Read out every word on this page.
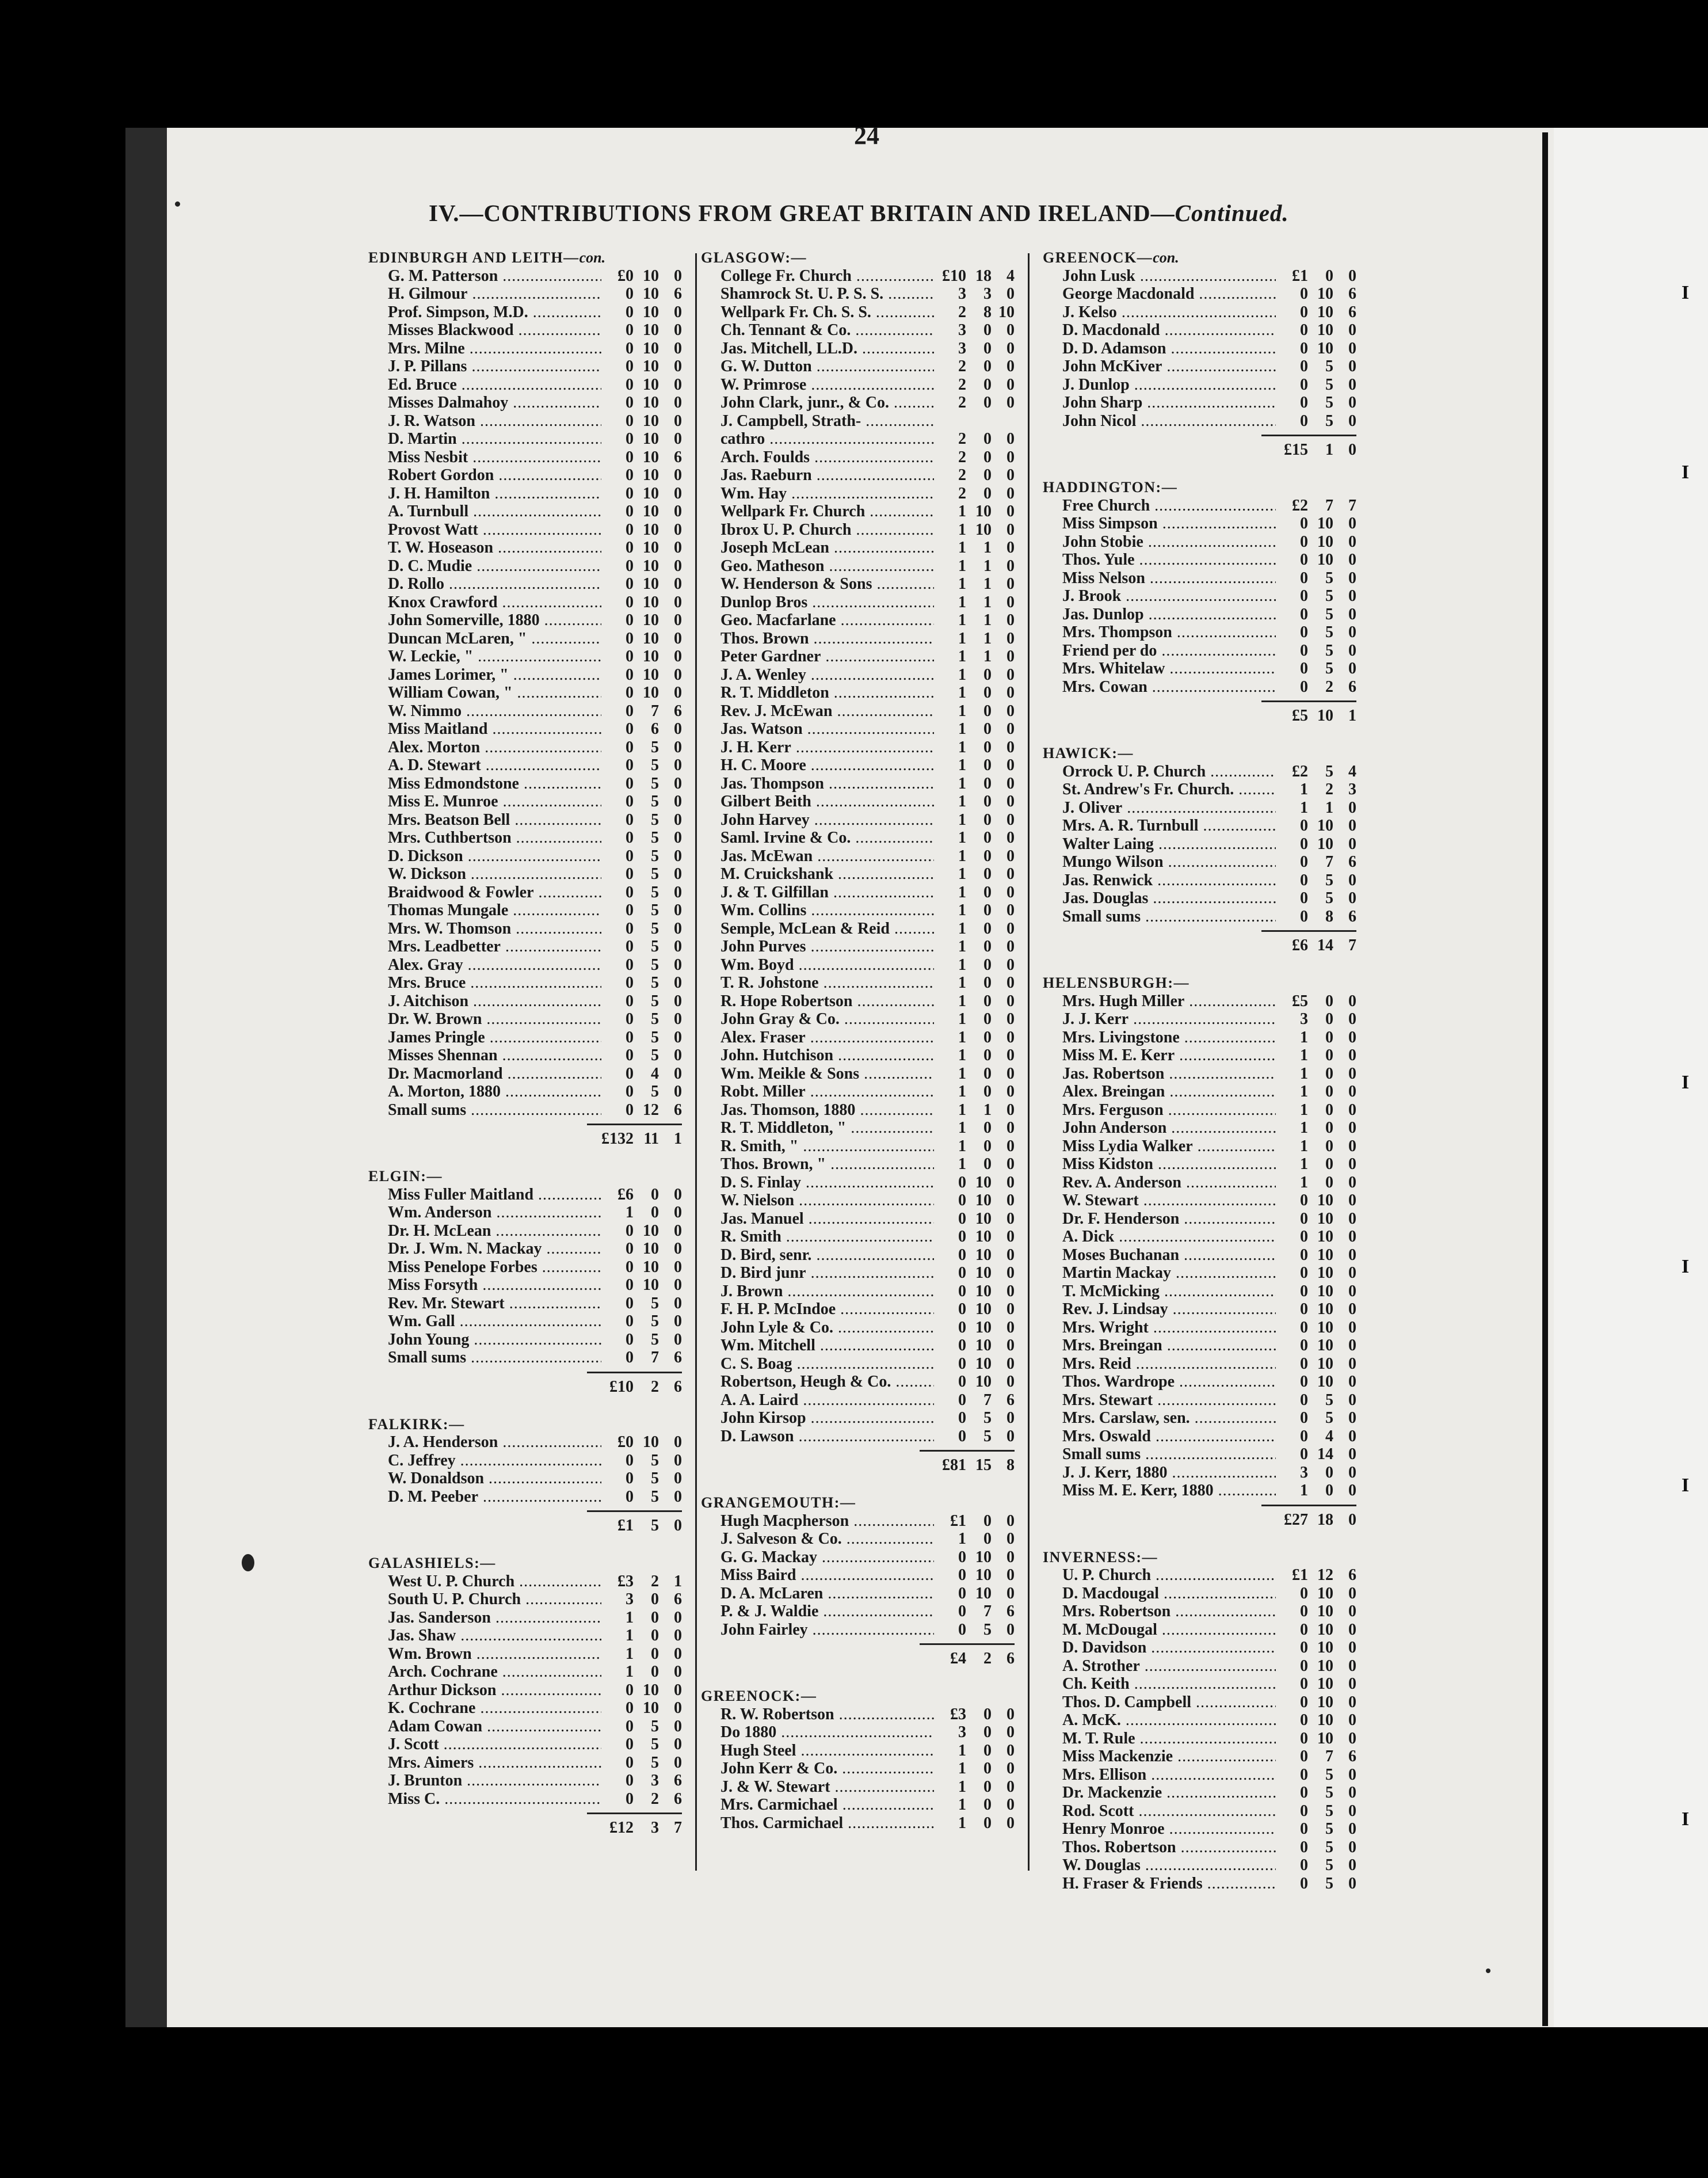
I
I
I
I
I
I
24
IV.—CONTRIBUTIONS FROM GREAT BRITAIN AND IRELAND—Continued.
EDINBURGH AND LEITH—con.
G. M. Patterson .....	£0 10 0
H. Gilmour .....	0 10 6
Prof. Simpson, M.D. .....	0 10 0
Misses Blackwood .....	0 10 0
Mrs. Milne .....	0 10 0
J. P. Pillans .....	0 10 0
Ed. Bruce .....	0 10 0
Misses Dalmahoy .....	0 10 0
J. R. Watson .....	0 10 0
D. Martin .....	0 10 0
Miss Nesbit .....	0 10 6
Robert Gordon .....	0 10 0
J. H. Hamilton .....	0 10 0
A. Turnbull .....	0 10 0
Provost Watt .....	0 10 0
T. W. Hoseason .....	0 10 0
D. C. Mudie .....	0 10 0
D. Rollo .....	0 10 0
Knox Crawford .....	0 10 0
John Somerville, 1880 .....	0 10 0
Duncan McLaren, " .....	0 10 0
W. Leckie, " .....	0 10 0
James Lorimer, " .....	0 10 0
William Cowan, " .....	0 10 0
W. Nimmo .....	0	7 6
Miss Maitland .....	0	6 0
Alex. Morton .....	0	5 0
A. D. Stewart .....	0	5 0
Miss Edmondstone .....	0	5 0
Miss E. Munroe .....	0	5 0
Mrs. Beatson Bell .....	0	5 0
Mrs. Cuthbertson .....	0	5 0
D. Dickson .....	0	5 0
W. Dickson .....	0	5 0
Braidwood & Fowler .....	0	5 0
Thomas Mungale .....	0	5 0
Mrs. W. Thomson .....	0	5 0
Mrs. Leadbetter .....	0	5 0
Alex. Gray .....	0	5 0
Mrs. Bruce .....	0	5 0
J. Aitchison .....	0	5 0
Dr. W. Brown .....	0	5 0
James Pringle .....	0	5 0
Misses Shennan .....	0	5 0
Dr. Macmorland .....	0	4 0
A. Morton, 1880 .....	0	5 0
Small sums .....	0 12 6
£132 11 1
ELGIN:—
Miss Fuller Maitland .....	£6	0 0
Wm. Anderson .....	1	0 0
Dr. H. McLean .....	0 10 0
Dr. J. Wm. N. Mackay .....	0 10 0
Miss Penelope Forbes .....	0 10 0
Miss Forsyth .....	0 10 0
Rev. Mr. Stewart .....	0	5 0
Wm. Gall .....	0	5 0
John Young .....	0	5 0
Small sums .....	0	7 6
£10	2 6
FALKIRK:—
J. A. Henderson .....	£0 10 0
C. Jeffrey .....	0	5 0
W. Donaldson .....	0	5 0
D. M. Peeber .....	0	5 0
£1	5 0
GALASHIELS:—
West U. P. Church .....	£3	2 1
South U. P. Church .....	3	0 6
Jas. Sanderson .....	1	0 0
Jas. Shaw .....	1	0 0
Wm. Brown .....	1	0 0
Arch. Cochrane .....	1	0 0
Arthur Dickson .....	0 10 0
K. Cochrane .....	0 10 0
Adam Cowan .....	0	5 0
J. Scott .....	0	5 0
Mrs. Aimers .....	0	5 0
J. Brunton .....	0	3 6
Miss C. .....	0	2 6
£12	3 7
GLASGOW:—
College Fr. Church .....	£10 18 4
Shamrock St. U. P. S. S. .....	3	3 0
Wellpark Fr. Ch. S. S. .....	2	8 10
Ch. Tennant & Co. .....	3	0 0
Jas. Mitchell, LL.D. .....	3	0 0
G. W. Dutton .....	2	0 0
W. Primrose .....	2	0 0
John Clark, junr., & Co. .....	2	0 0
J. Campbell, Strath- .....
cathro .....	2	0 0
Arch. Foulds .....	2	0 0
Jas. Raeburn .....	2	0 0
Wm. Hay .....	2	0 0
Wellpark Fr. Church .....	1 10 0
Ibrox U. P. Church .....	1 10 0
Joseph McLean .....	1	1 0
Geo. Matheson .....	1	1 0
W. Henderson & Sons .....	1	1 0
Dunlop Bros .....	1	1 0
Geo. Macfarlane .....	1	1 0
Thos. Brown .....	1	1 0
Peter Gardner .....	1	1 0
J. A. Wenley .....	1	0 0
R. T. Middleton .....	1	0 0
Rev. J. McEwan .....	1	0 0
Jas. Watson .....	1	0 0
J. H. Kerr .....	1	0 0
H. C. Moore .....	1	0 0
Jas. Thompson .....	1	0 0
Gilbert Beith .....	1	0 0
John Harvey .....	1	0 0
Saml. Irvine & Co. .....	1	0 0
Jas. McEwan .....	1	0 0
M. Cruickshank .....	1	0 0
J. & T. Gilfillan .....	1	0 0
Wm. Collins .....	1	0 0
Semple, McLean & Reid .....	1	0 0
John Purves .....	1	0 0
Wm. Boyd .....	1	0 0
T. R. Johstone .....	1	0 0
R. Hope Robertson .....	1	0 0
John Gray & Co. .....	1	0 0
Alex. Fraser .....	1	0 0
John. Hutchison .....	1	0 0
Wm. Meikle & Sons .....	1	0 0
Robt. Miller .....	1	0 0
Jas. Thomson, 1880 .....	1	1 0
R. T. Middleton, " .....	1	0 0
R. Smith, " .....	1	0 0
Thos. Brown, " .....	1	0 0
D. S. Finlay .....	0 10 0
W. Nielson .....	0 10 0
Jas. Manuel .....	0 10 0
R. Smith .....	0 10 0
D. Bird, senr. .....	0 10 0
D. Bird junr .....	0 10 0
J. Brown .....	0 10 0
F. H. P. McIndoe .....	0 10 0
John Lyle & Co. .....	0 10 0
Wm. Mitchell .....	0 10 0
C. S. Boag .....	0 10 0
Robertson, Heugh & Co. .....	0 10 0
A. A. Laird .....	0	7 6
John Kirsop .....	0	5 0
D. Lawson .....	0	5 0
£81 15 8
GRANGEMOUTH:—
Hugh Macpherson .....	£1	0 0
J. Salveson & Co. .....	1	0 0
G. G. Mackay .....	0 10 0
Miss Baird .....	0 10 0
D. A. McLaren .....	0 10 0
P. & J. Waldie .....	0	7 6
John Fairley .....	0	5 0
£4	2 6
GREENOCK:—
R. W. Robertson .....	£3	0 0
Do 1880 .....	3	0 0
Hugh Steel .....	1	0 0
John Kerr & Co. .....	1	0 0
J. & W. Stewart .....	1	0 0
Mrs. Carmichael .....	1	0 0
Thos. Carmichael .....	1	0 0
GREENOCK—con.
John Lusk .....	£1	0 0
George Macdonald .....	0 10 6
J. Kelso .....	0 10 6
D. Macdonald .....	0 10 0
D. D. Adamson .....	0 10 0
John McKiver .....	0	5 0
J. Dunlop .....	0	5 0
John Sharp .....	0	5 0
John Nicol .....	0	5 0
£15	1 0
HADDINGTON:—
Free Church .....	£2	7 7
Miss Simpson .....	0 10 0
John Stobie .....	0 10 0
Thos. Yule .....	0 10 0
Miss Nelson .....	0	5 0
J. Brook .....	0	5 0
Jas. Dunlop .....	0	5 0
Mrs. Thompson .....	0	5 0
Friend per do .....	0	5 0
Mrs. Whitelaw .....	0	5 0
Mrs. Cowan .....	0	2 6
£5 10 1
HAWICK:—
Orrock U. P. Church .....	£2	5 4
St. Andrew's Fr. Church. .....	1	2 3
J. Oliver .....	1	1 0
Mrs. A. R. Turnbull .....	0 10 0
Walter Laing .....	0 10 0
Mungo Wilson .....	0	7 6
Jas. Renwick .....	0	5 0
Jas. Douglas .....	0	5 0
Small sums .....	0	8 6
£6 14 7
HELENSBURGH:—
Mrs. Hugh Miller .....	£5	0 0
J. J. Kerr .....	3	0 0
Mrs. Livingstone .....	1	0 0
Miss M. E. Kerr .....	1	0 0
Jas. Robertson .....	1	0 0
Alex. Breingan .....	1	0 0
Mrs. Ferguson .....	1	0 0
John Anderson .....	1	0 0
Miss Lydia Walker .....	1	0 0
Miss Kidston .....	1	0 0
Rev. A. Anderson .....	1	0 0
W. Stewart .....	0 10 0
Dr. F. Henderson .....	0 10 0
A. Dick .....	0 10 0
Moses Buchanan .....	0 10 0
Martin Mackay .....	0 10 0
T. McMicking .....	0 10 0
Rev. J. Lindsay .....	0 10 0
Mrs. Wright .....	0 10 0
Mrs. Breingan .....	0 10 0
Mrs. Reid .....	0 10 0
Thos. Wardrope .....	0 10 0
Mrs. Stewart .....	0	5 0
Mrs. Carslaw, sen. .....	0	5 0
Mrs. Oswald .....	0	4 0
Small sums .....	0 14 0
J. J. Kerr, 1880 .....	3	0 0
Miss M. E. Kerr, 1880 .....	1	0 0
£27 18 0
INVERNESS:—
U. P. Church .....	£1 12 6
D. Macdougal .....	0 10 0
Mrs. Robertson .....	0 10 0
M. McDougal .....	0 10 0
D. Davidson .....	0 10 0
A. Strother .....	0 10 0
Ch. Keith .....	0 10 0
Thos. D. Campbell .....	0 10 0
A. McK. .....	0 10 0
M. T. Rule .....	0 10 0
Miss Mackenzie .....	0	7 6
Mrs. Ellison .....	0	5 0
Dr. Mackenzie .....	0	5 0
Rod. Scott .....	0	5 0
Henry Monroe .....	0	5 0
Thos. Robertson .....	0	5 0
W. Douglas .....	0	5 0
H. Fraser & Friends .....	0	5 0
